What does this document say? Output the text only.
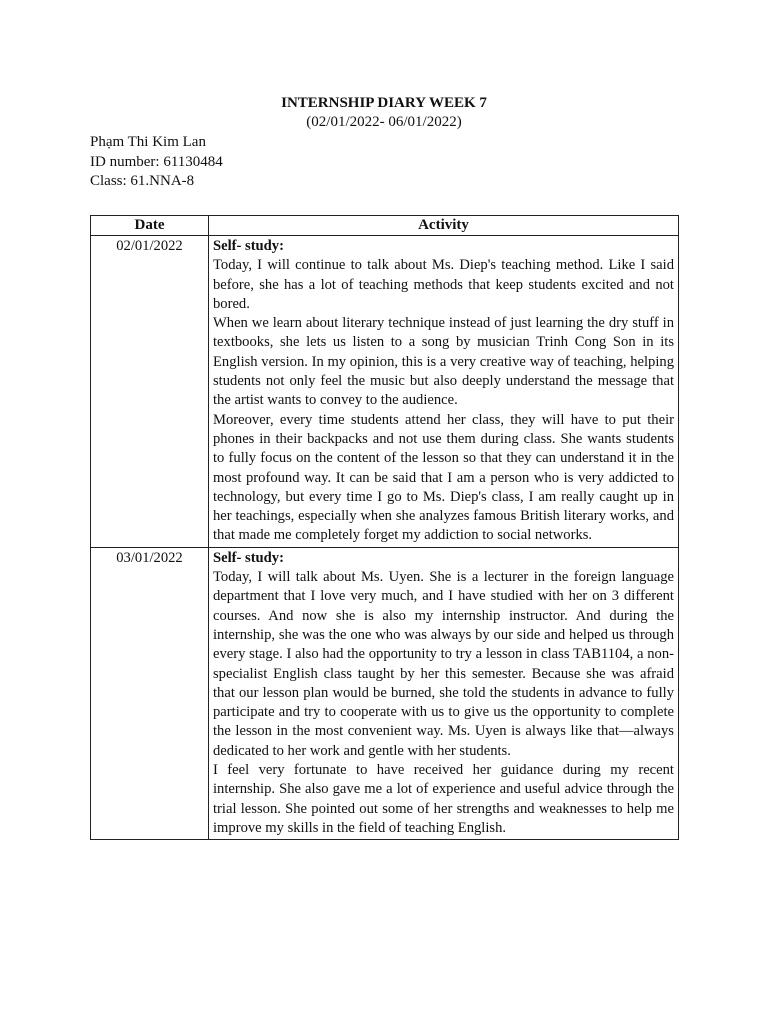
INTERNSHIP DIARY WEEK 7
(02/01/2022- 06/01/2022)
Phạm Thi Kim Lan
ID number: 61130484
Class: 61.NNA-8
Date	Activity
02/01/2022	Self- study:
Today, I will continue to talk about Ms. Diep's teaching method. Like I said before, she has a lot of teaching methods that keep students excited and not bored.
When we learn about literary technique instead of just learning the dry stuff in textbooks, she lets us listen to a song by musician Trinh Cong Son in its English version. In my opinion, this is a very creative way of teaching, helping students not only feel the music but also deeply understand the message that the artist wants to convey to the audience.
Moreover, every time students attend her class, they will have to put their phones in their backpacks and not use them during class. She wants students to fully focus on the content of the lesson so that they can understand it in the most profound way. It can be said that I am a person who is very addicted to technology, but every time I go to Ms. Diep's class, I am really caught up in her teachings, especially when she analyzes famous British literary works, and that made me completely forget my addiction to social networks.

03/01/2022	Self- study:
Today, I will talk about Ms. Uyen. She is a lecturer in the foreign language department that I love very much, and I have studied with her on 3 different courses. And now she is also my internship instructor. And during the internship, she was the one who was always by our side and helped us through every stage. I also had the opportunity to try a lesson in class TAB1104, a non-specialist English class taught by her this semester. Because she was afraid that our lesson plan would be burned, she told the students in advance to fully participate and try to cooperate with us to give us the opportunity to complete the lesson in the most convenient way. Ms. Uyen is always like that—always dedicated to her work and gentle with her students.
I feel very fortunate to have received her guidance during my recent internship. She also gave me a lot of experience and useful advice through the trial lesson. She pointed out some of her strengths and weaknesses to help me improve my skills in the field of teaching English.
